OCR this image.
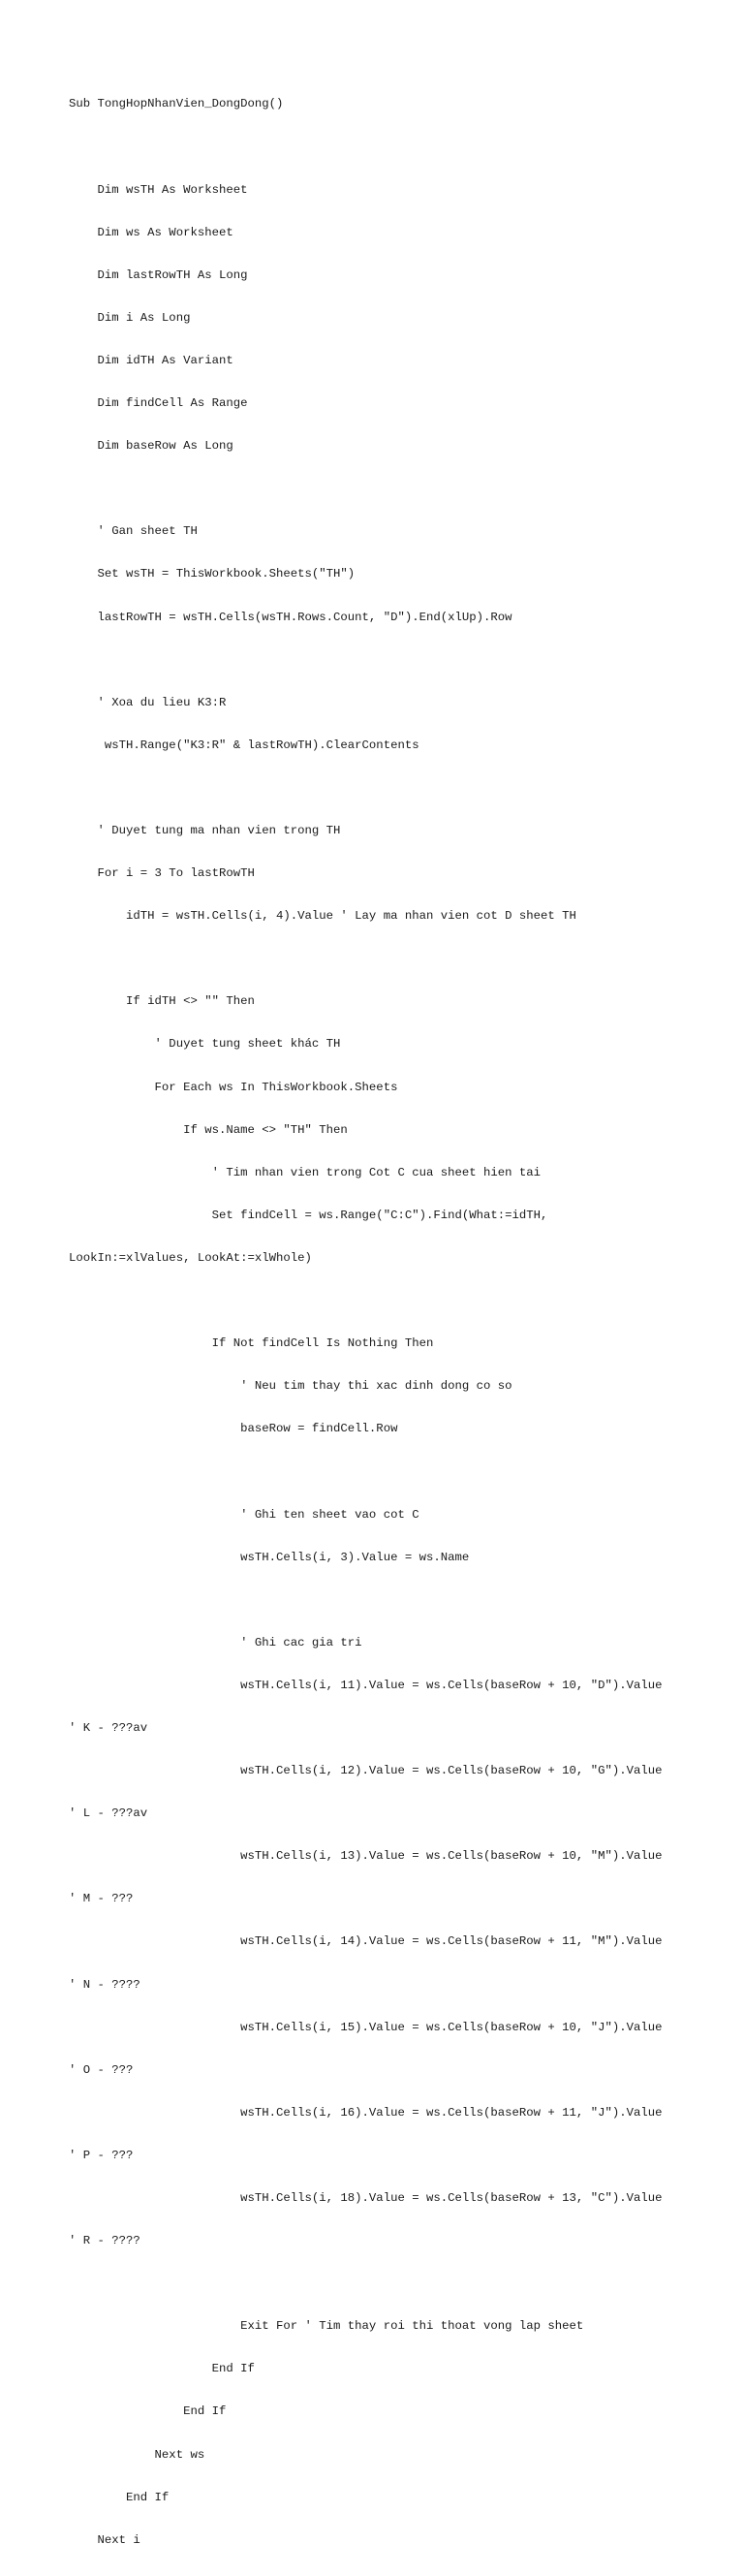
Sub TongHopNhanVien_DongDong()

Dim wsTH As Worksheet

Dim ws As Worksheet

Dim lastRowTH As Long

Dim i As Long

Dim idTH As Variant

Dim findCell As Range

Dim baseRow As Long

' Gan sheet TH

Set wsTH = ThisWorkbook.Sheets("TH")

lastRowTH = wsTH.Cells(wsTH.Rows.Count, "D").End(xlUp).Row

' Xoa du lieu K3:R

wsTH.Range("K3:R" & lastRowTH).ClearContents

' Duyet tung ma nhan vien trong TH

For i = 3 To lastRowTH

idTH = wsTH.Cells(i, 4).Value ' Lay ma nhan vien cot D sheet TH

If idTH <> "" Then

' Duyet tung sheet khác TH

For Each ws In ThisWorkbook.Sheets

If ws.Name <> "TH" Then

' Tim nhan vien trong Cot C cua sheet hien tai

Set findCell = ws.Range("C:C").Find(What:=idTH,

LookIn:=xlValues, LookAt:=xlWhole)

If Not findCell Is Nothing Then

' Neu tim thay thi xac dinh dong co so

baseRow = findCell.Row

' Ghi ten sheet vao cot C

wsTH.Cells(i, 3).Value = ws.Name

' Ghi cac gia tri

wsTH.Cells(i, 11).Value = ws.Cells(baseRow + 10, "D").Value

' K - ???av

wsTH.Cells(i, 12).Value = ws.Cells(baseRow + 10, "G").Value

' L - ???av

wsTH.Cells(i, 13).Value = ws.Cells(baseRow + 10, "M").Value

' M - ???

wsTH.Cells(i, 14).Value = ws.Cells(baseRow + 11, "M").Value

' N - ????

wsTH.Cells(i, 15).Value = ws.Cells(baseRow + 10, "J").Value

' O - ???

wsTH.Cells(i, 16).Value = ws.Cells(baseRow + 11, "J").Value

' P - ???

wsTH.Cells(i, 18).Value = ws.Cells(baseRow + 13, "C").Value

' R - ????

Exit For ' Tim thay roi thi thoat vong lap sheet

End If

End If

Next ws

End If

Next i
